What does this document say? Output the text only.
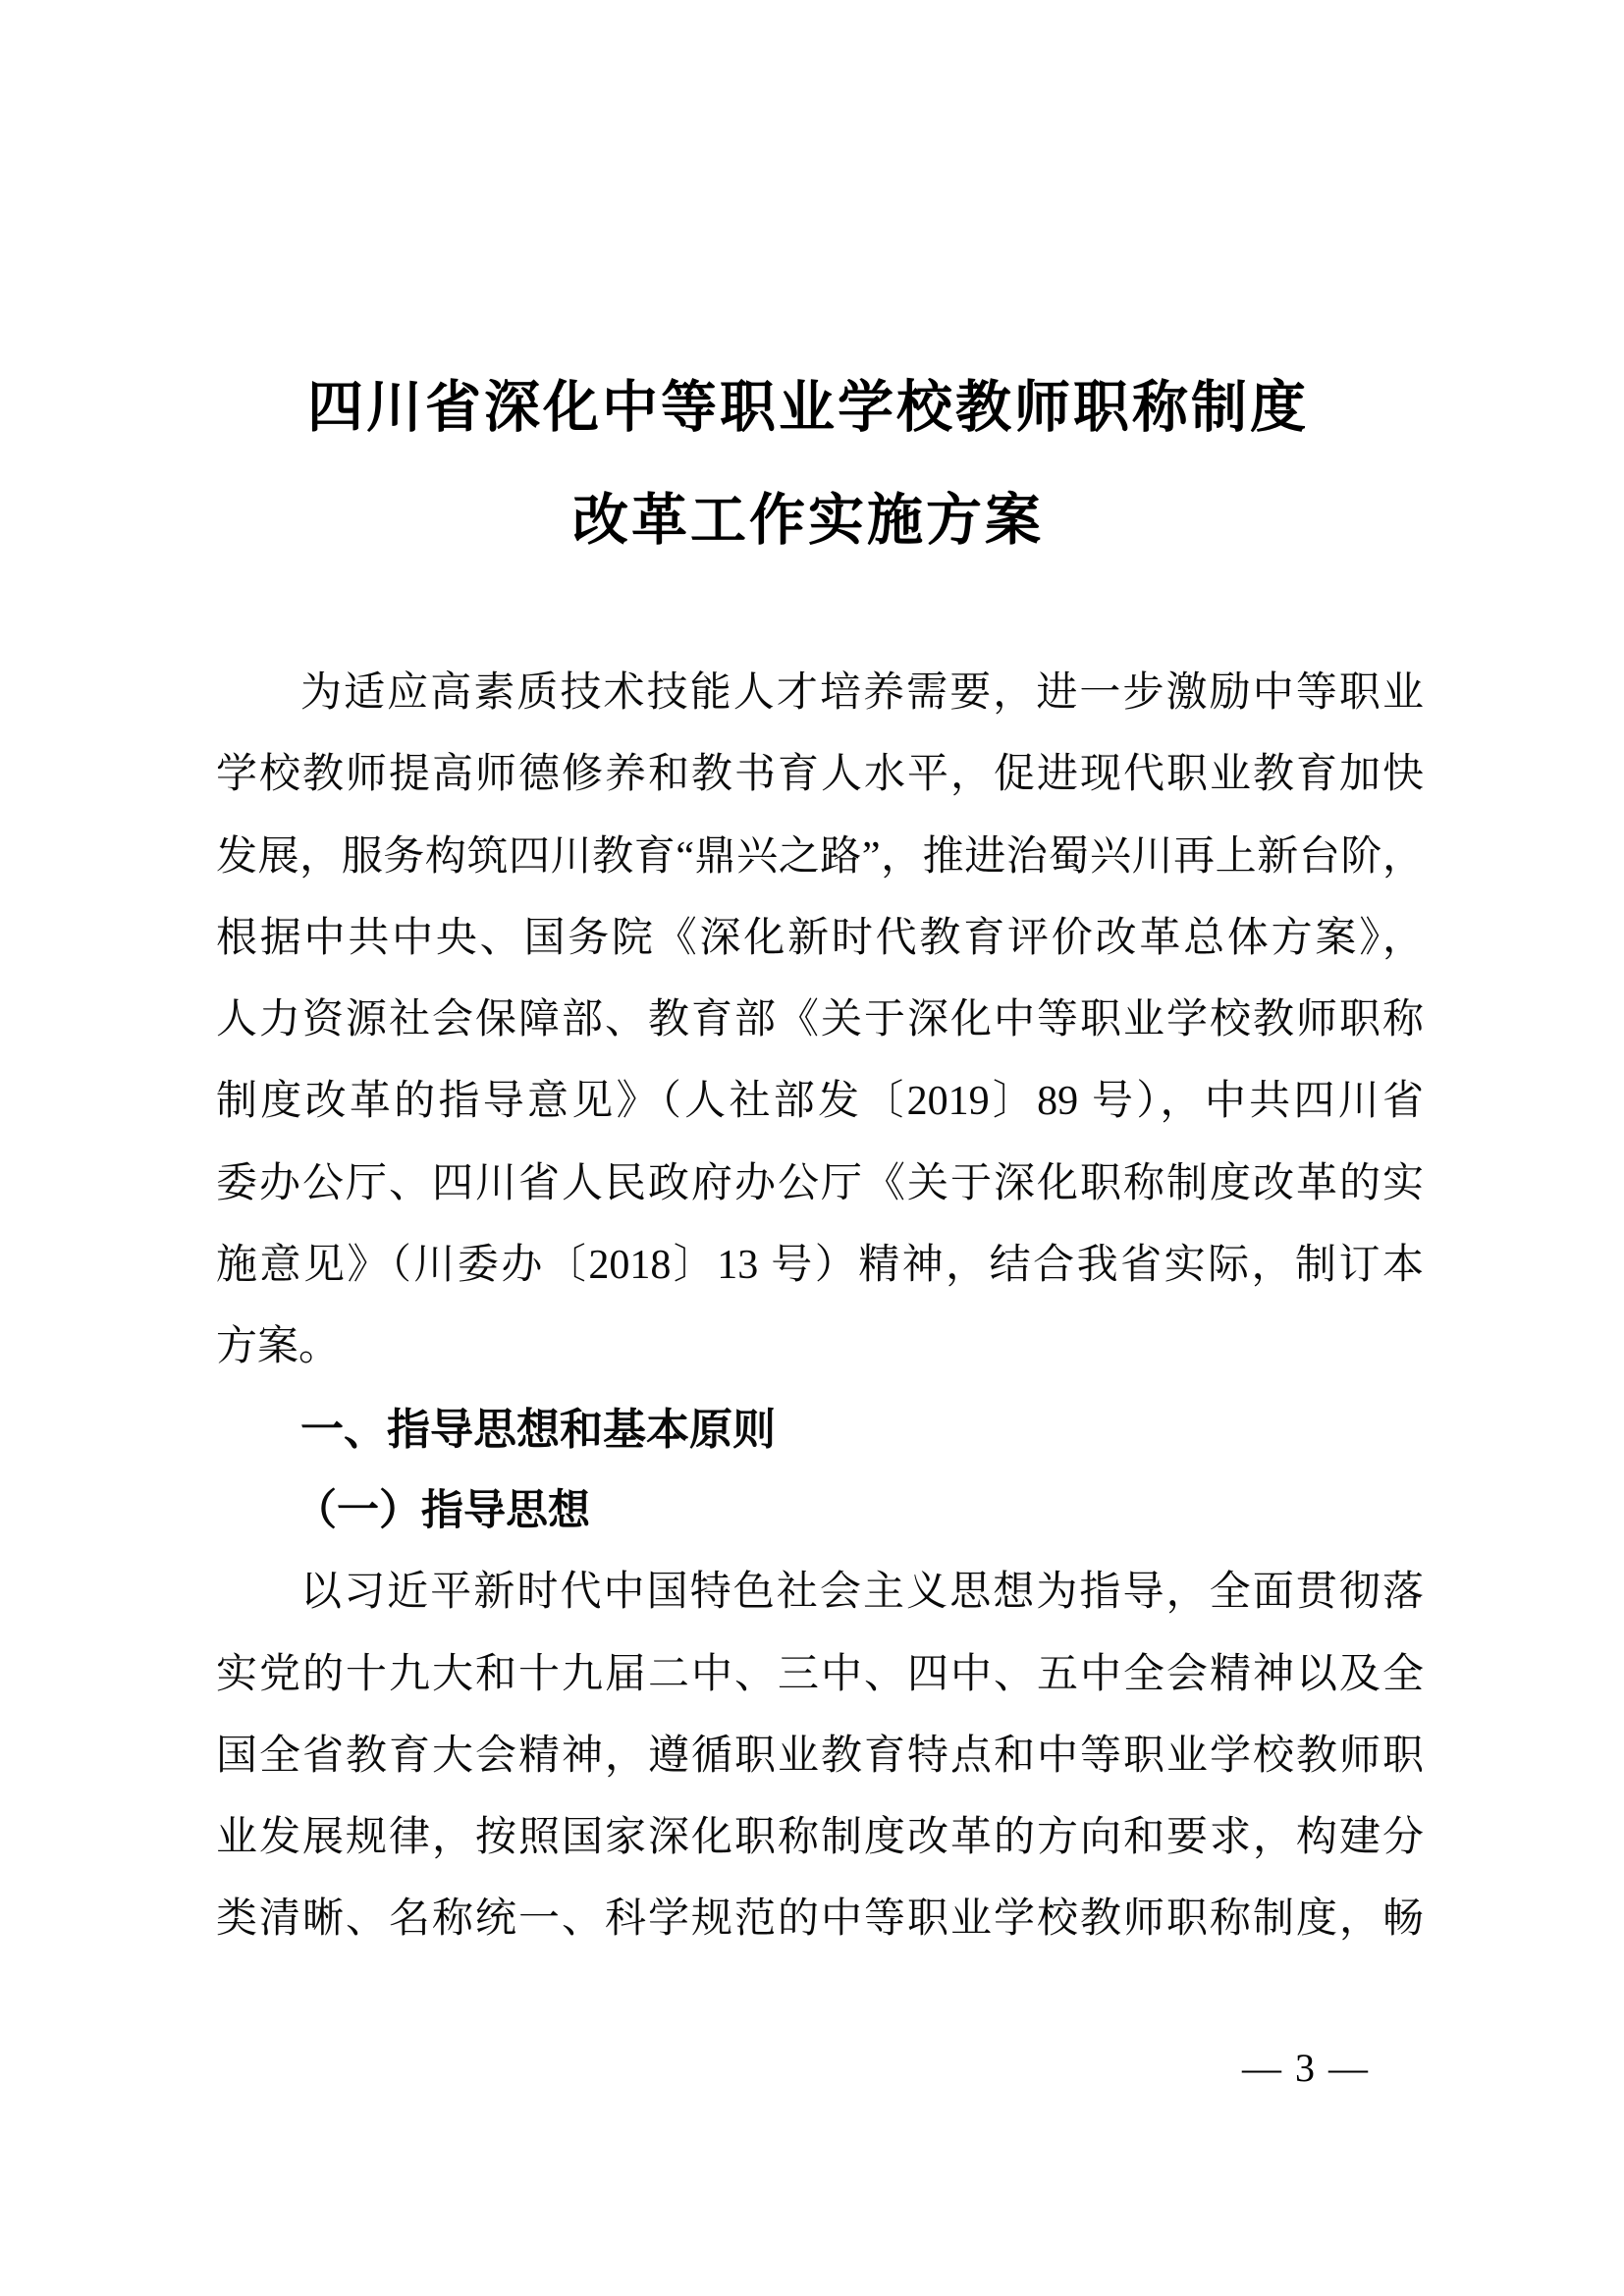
四川省深化中等职业学校教师职称制度
改革工作实施方案
为适应高素质技术技能人才培养需要，进一步激励中等职业
学校教师提高师德修养和教书育人水平，促进现代职业教育加快
发展，服务构筑四川教育“鼎兴之路”，推进治蜀兴川再上新台阶，
根据中共中央、国务院《深化新时代教育评价改革总体方案》，
人力资源社会保障部、教育部《关于深化中等职业学校教师职称
制度改革的指导意见》（人社部发〔2019〕89 号），中共四川省
委办公厅、四川省人民政府办公厅《关于深化职称制度改革的实
施意见》（川委办〔2018〕13 号）精神，结合我省实际，制订本
方案。
一、指导思想和基本原则
（一）指导思想
以习近平新时代中国特色社会主义思想为指导，全面贯彻落
实党的十九大和十九届二中、三中、四中、五中全会精神以及全
国全省教育大会精神，遵循职业教育特点和中等职业学校教师职
业发展规律，按照国家深化职称制度改革的方向和要求，构建分
类清晰、名称统一、科学规范的中等职业学校教师职称制度，畅
— 3 —
